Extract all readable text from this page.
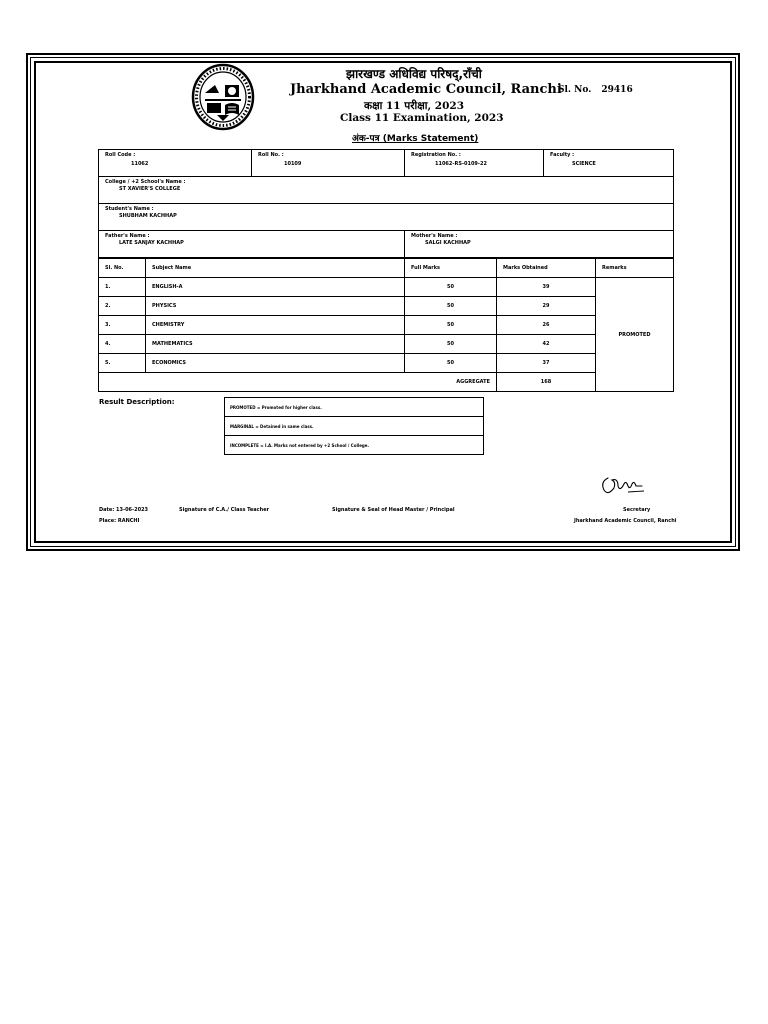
झारखण्ड अधिविद्य परिषद्,राँची
Jharkhand Academic Council, Ranchi
कक्षा 11 परीक्षा, 2023
Class 11 Examination, 2023
अंक-पत्र (Marks Statement)
Sl. No. 29416
Roll Code :
11062	Roll No. :
10109	Registration No. :
11062-RS-0109-22	Faculty :
SCIENCE

College / +2 School's Name :
ST XAVIER'S COLLEGE			

Student's Name :
SHUBHAM KACHHAP			

Father's Name :
LATE SANJAY KACHHAP		Mother's Name :
SALGI KACHHAP	
Sl. No.	Subject Name	Full Marks	Marks Obtained	Remarks
1.	ENGLISH-A	50	39	PROMOTED
2.	PHYSICS	50	29	
3.	CHEMISTRY	50	26	
4.	MATHEMATICS	50	42	
5.	ECONOMICS	50	37	
AGGREGATE			168	
Result Description:
PROMOTED = Promoted for higher class.
MARGINAL = Detained in same class.
INCOMPLETE = I.A. Marks not entered by +2 School / College.
Date: 13-06-2023
Place: RANCHI
Signature of C.A./ Class Teacher	Signature & Seal of Head Master / Principal	Secretary
Jharkhand Academic Council, Ranchi
